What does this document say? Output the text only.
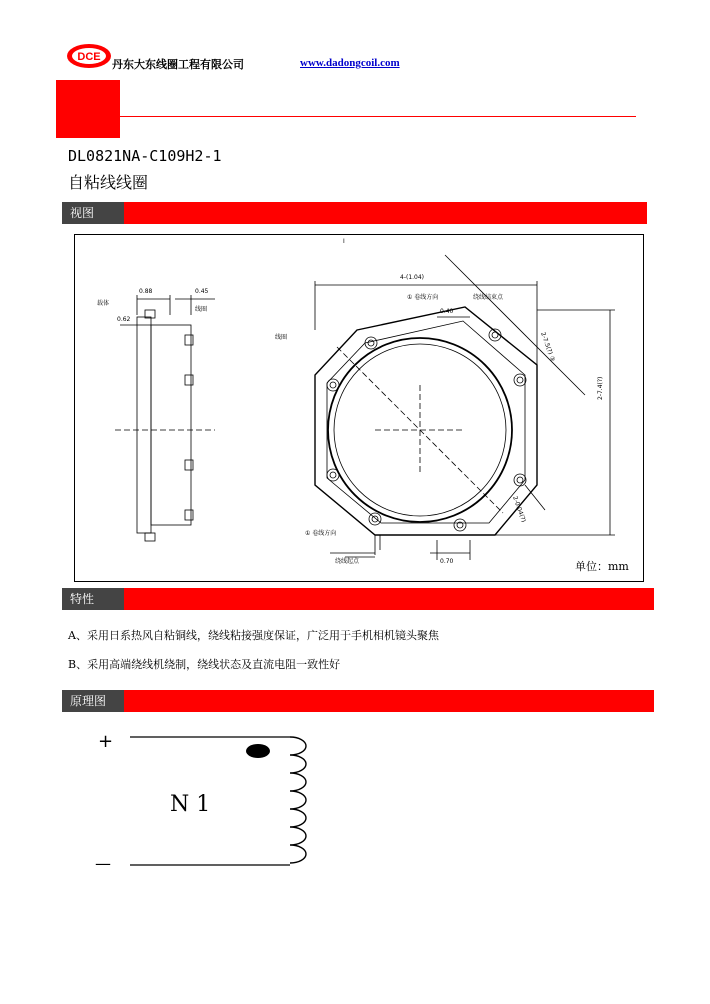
DCE
丹东大东线圈工程有限公司	www.dadongcoil.com
DL0821NA-C109H2-1
自粘线线圈
视图
0.88	0.45
0.62
载体
线圈
线圈
4-(1.04)
① 卷线方向	绕线结束点
0.40
0.70
① 卷线方向
绕线起点
I
2-7.5(?) ③
2-7.4(?)
2-0.04(?)
单位：mm
特性
A、采用日系热风自粘铜线，绕线粘接强度保证，广泛用于手机相机镜头聚焦
B、采用高端绕线机绕制，绕线状态及直流电阻一致性好
原理图
+
—
N 1
